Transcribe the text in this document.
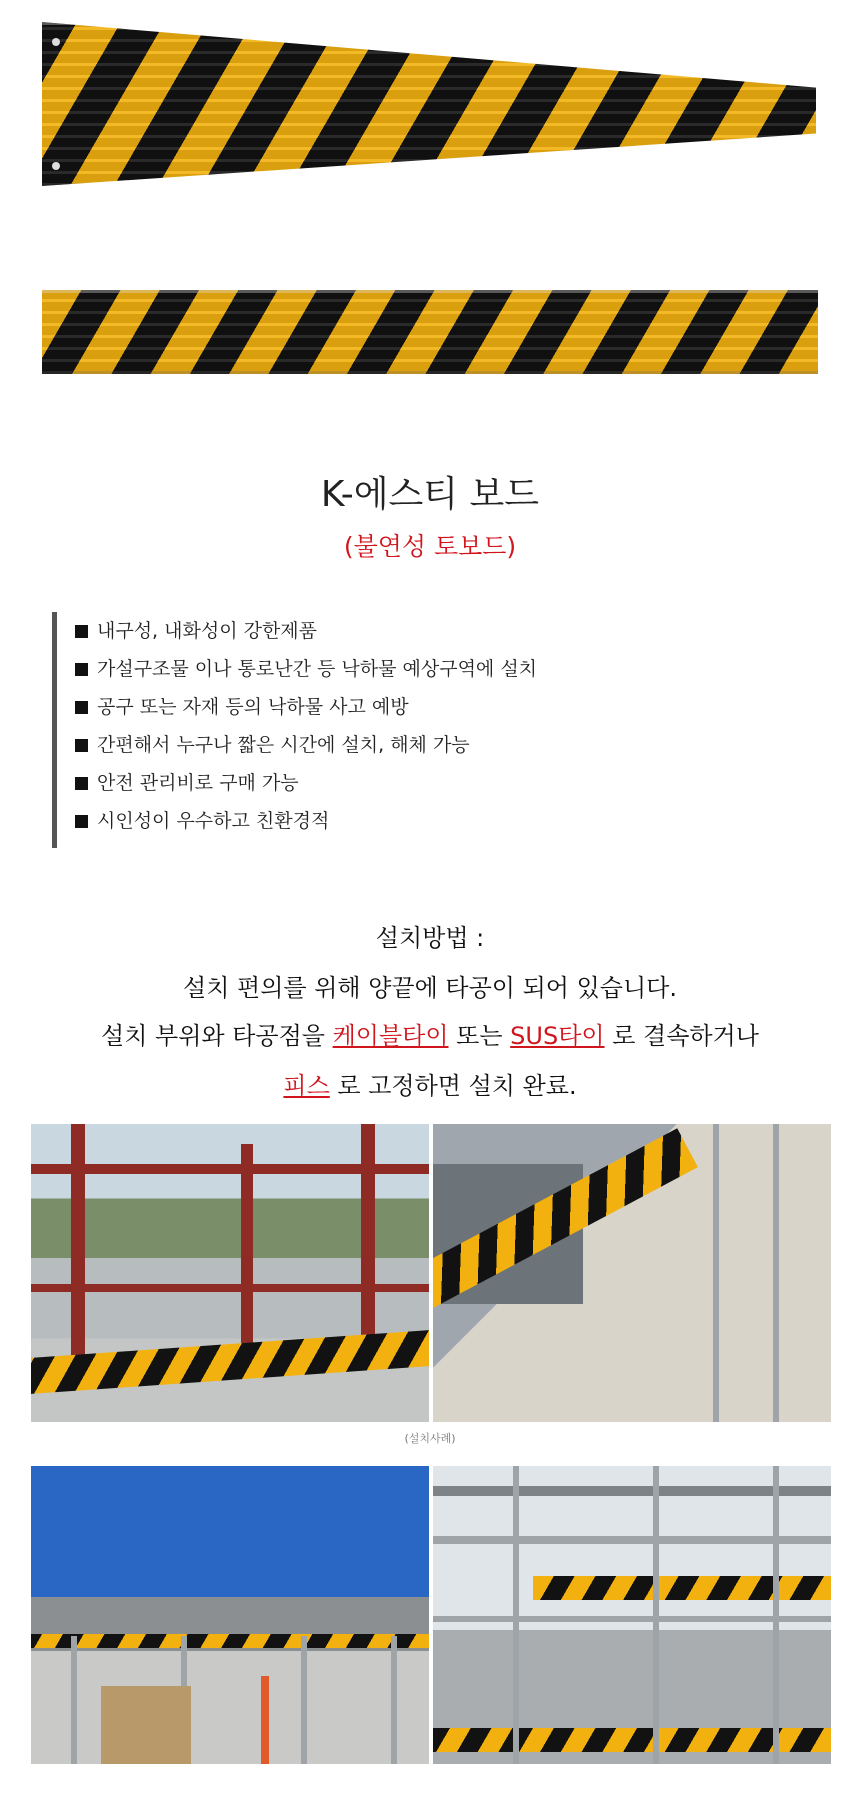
K-에스티 보드
(불연성 토보드)
내구성, 내화성이 강한제품
가설구조물 이나 통로난간 등 낙하물 예상구역에 설치
공구 또는 자재 등의 낙하물 사고 예방
간편해서 누구나 짧은 시간에 설치, 해체 가능
안전 관리비로 구매 가능
시인성이 우수하고 친환경적
설치방법 :
설치 편의를 위해 양끝에 타공이 되어 있습니다.
설치 부위와 타공점을 케이블타이 또는 SUS타이 로 결속하거나
피스 로 고정하면 설치 완료.
(설치사례)
